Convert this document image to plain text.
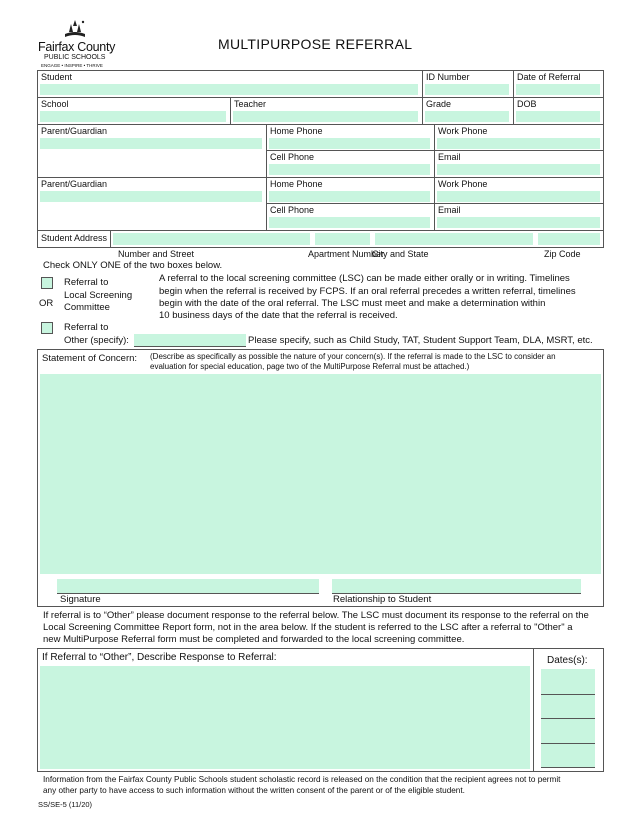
Fairfax County
PUBLIC SCHOOLS
ENGAGE • INSPIRE • THRIVE
MULTIPURPOSE REFERRAL
Student	ID Number	Date of Referral
School	Teacher	Grade	DOB
Parent/Guardian	Home Phone	Work Phone
Cell Phone	Email
Parent/Guardian	Home Phone	Work Phone
Cell Phone	Email
Student Address
Number and Street	Apartment Number
City and State	Zip Code
Check ONLY ONE of the two boxes below.
Referral to
Local Screening
Committee
OR
A referral to the local screening committee (LSC) can be made either orally or in writing. Timelines
begin when the referral is received by FCPS. If an oral referral precedes a written referral, timelines
begin with the date of the oral referral. The LSC must meet and make a determination within
10 business days of the date that the referral is received.
Referral to
Other (specify):	Please specify, such as Child Study, TAT, Student Support Team, DLA, MSRT, etc.
Statement of Concern: (Describe as specifically as possible the nature of your concern(s). If the referral is made to the LSC to consider an
evaluation for special education, page two of the MultiPurpose Referral must be attached.)
Signature	Relationship to Student
If referral is to “Other” please document response to the referral below. The LSC must document its response to the referral on the
Local Screening Committee Report form, not in the area below. If the student is referred to the LSC after a referral to "Other" a
new MultiPurpose Referral form must be completed and forwarded to the local screening committee.
If Referral to “Other”, Describe Response to Referral:	Dates(s):
Information from the Fairfax County Public Schools student scholastic record is released on the condition that the recipient agrees not to permit
any other party to have access to such information without the written consent of the parent or of the eligible student.
SS/SE-5 (11/20)
